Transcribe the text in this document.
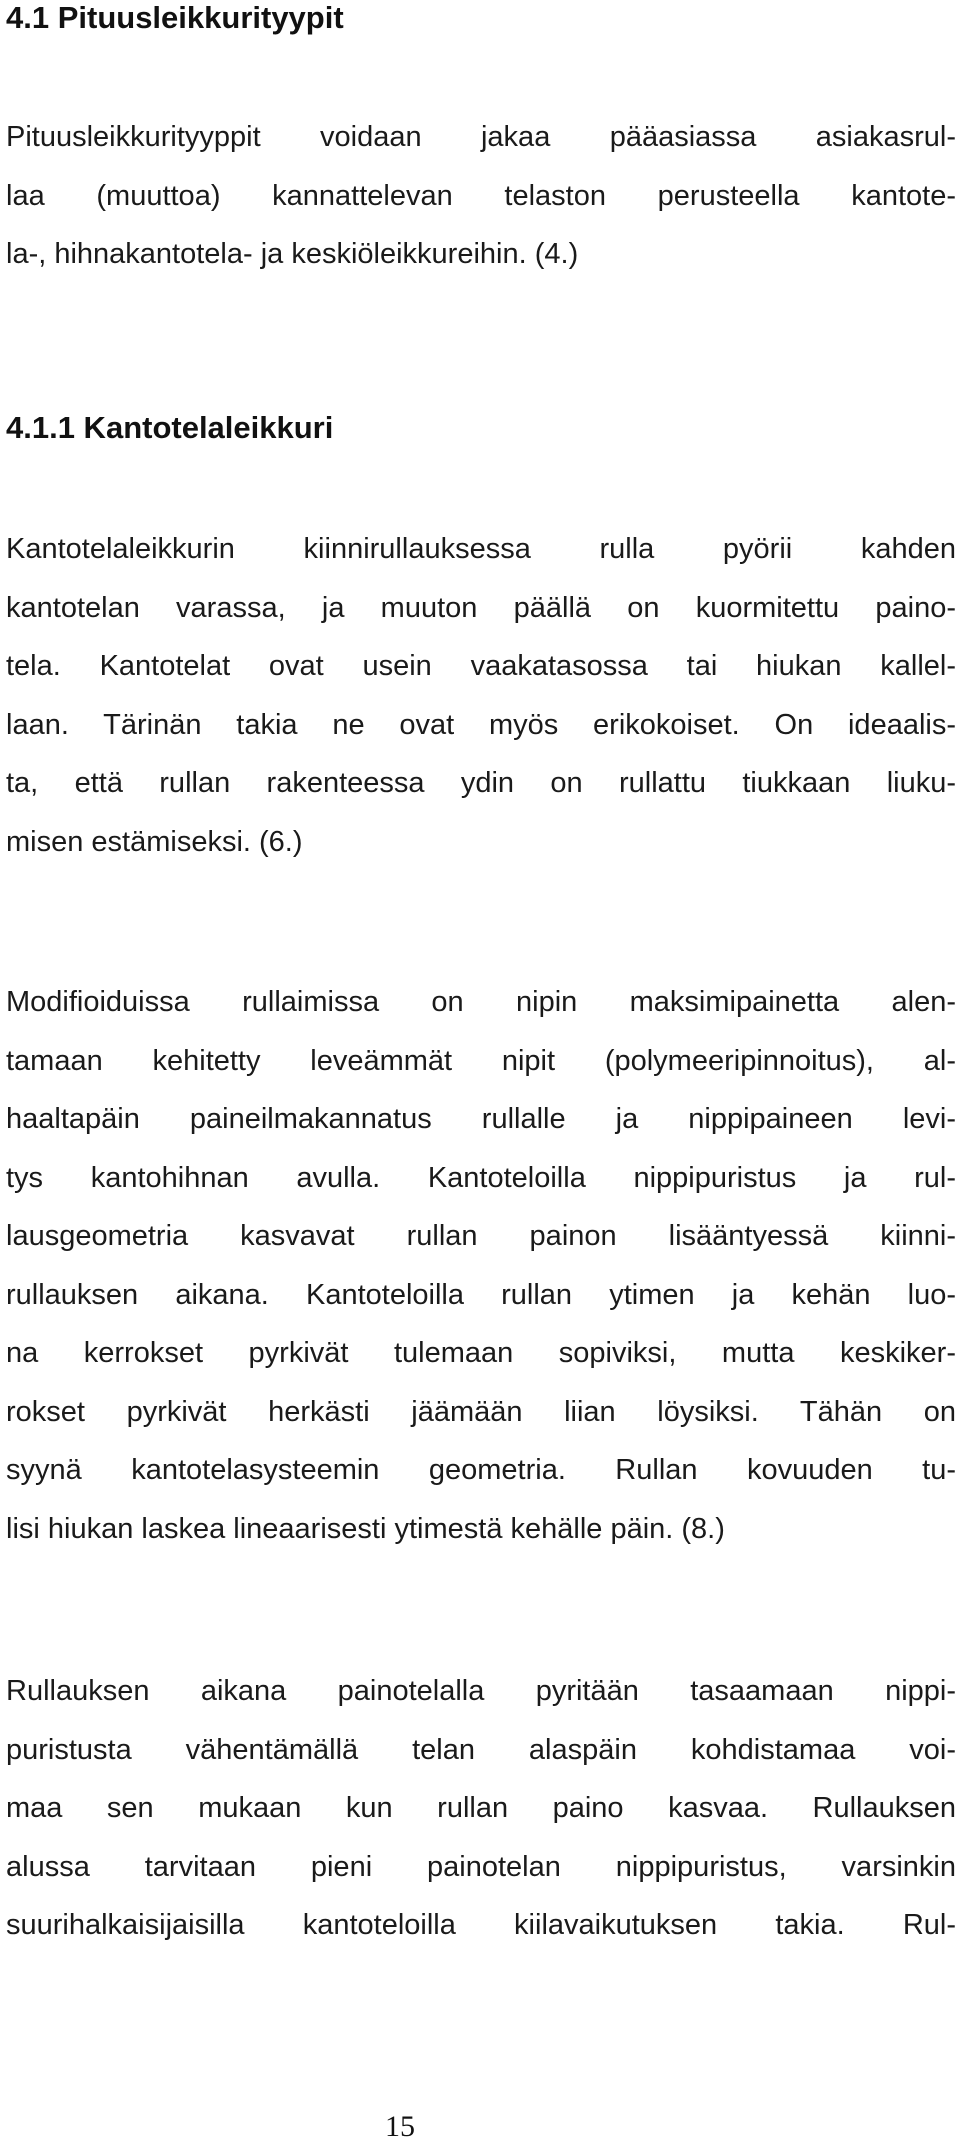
4.1 Pituusleikkurityypit

Pituusleikkurityyppit voidaan jakaa pääasiassa asiakasrul-
laa (muuttoa) kannattelevan telaston perusteella kantote-
la-, hihnakantotela- ja keskiöleikkureihin. (4.)

4.1.1 Kantotelaleikkuri

Kantotelaleikkurin kiinnirullauksessa rulla pyörii kahden
kantotelan varassa, ja muuton päällä on kuormitettu paino-
tela. Kantotelat ovat usein vaakatasossa tai hiukan kallel-
laan. Tärinän takia ne ovat myös erikokoiset. On ideaalis-
ta, että rullan rakenteessa ydin on rullattu tiukkaan liuku-
misen estämiseksi. (6.)

Modifioiduissa rullaimissa on nipin maksimipainetta alen-
tamaan kehitetty leveämmät nipit (polymeeripinnoitus), al-
haaltapäin paineilmakannatus rullalle ja nippipaineen levi-
tys kantohihnan avulla. Kantoteloilla nippipuristus ja rul-
lausgeometria kasvavat rullan painon lisääntyessä kiinni-
rullauksen aikana. Kantoteloilla rullan ytimen ja kehän luo-
na kerrokset pyrkivät tulemaan sopiviksi, mutta keskiker-
rokset pyrkivät herkästi jäämään liian löysiksi. Tähän on
syynä kantotelasysteemin geometria. Rullan kovuuden tu-
lisi hiukan laskea lineaarisesti ytimestä kehälle päin. (8.)

Rullauksen aikana painotelalla pyritään tasaamaan nippi-
puristusta vähentämällä telan alaspäin kohdistamaa voi-
maa sen mukaan kun rullan paino kasvaa. Rullauksen
alussa tarvitaan pieni painotelan nippipuristus, varsinkin
suurihalkaisijaisilla kantoteloilla kiilavaikutuksen takia. Rul-

15
